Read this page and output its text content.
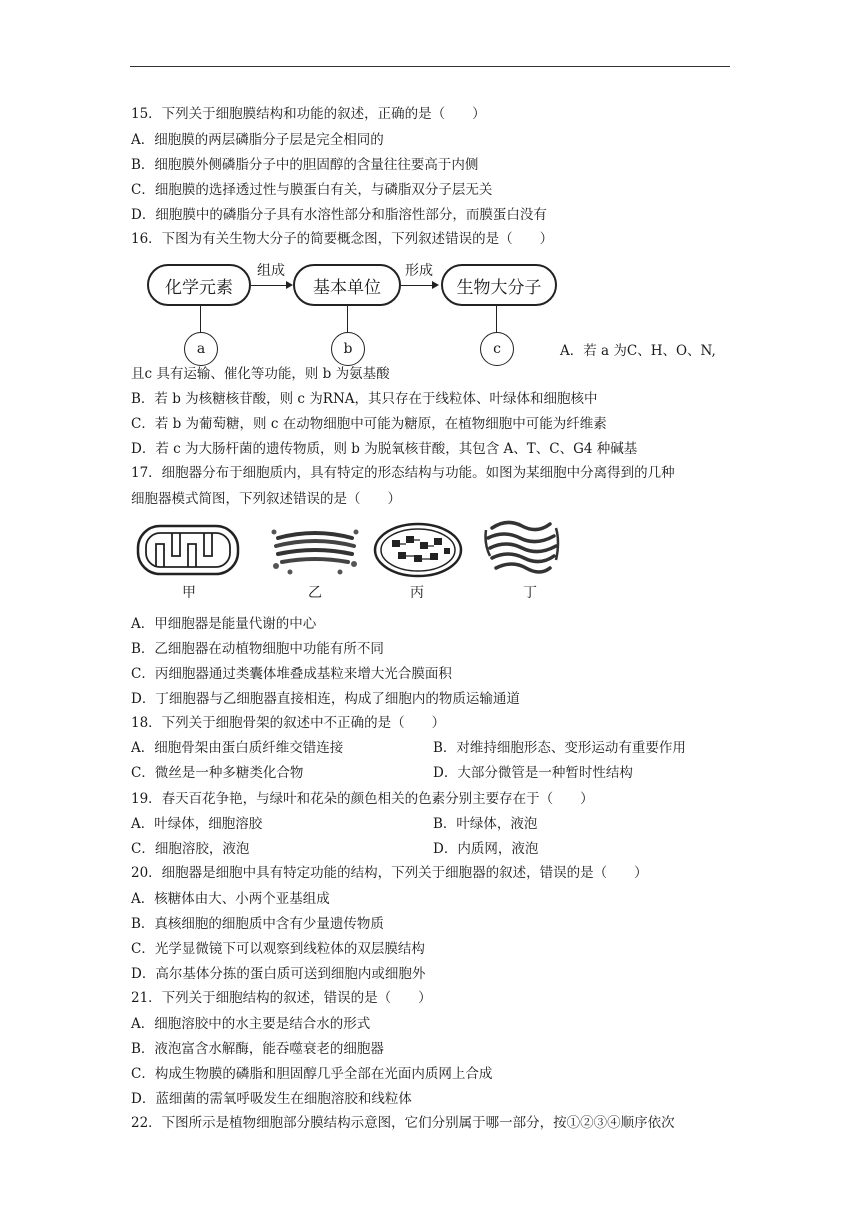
15．下列关于细胞膜结构和功能的叙述，正确的是（　　）
A．细胞膜的两层磷脂分子层是完全相同的
B．细胞膜外侧磷脂分子中的胆固醇的含量往往要高于内侧
C．细胞膜的选择透过性与膜蛋白有关，与磷脂双分子层无关
D．细胞膜中的磷脂分子具有水溶性部分和脂溶性部分，而膜蛋白没有
16．下图为有关生物大分子的简要概念图，下列叙述错误的是（　　）
化学元素
组成
基本单位
形成
生物大分子
a	b	c	A．若 a 为C、H、O、N,
且c 具有运输、催化等功能，则 b 为氨基酸
B．若 b 为核糖核苷酸，则 c 为RNA，其只存在于线粒体、叶绿体和细胞核中
C．若 b 为葡萄糖，则 c 在动物细胞中可能为糖原，在植物细胞中可能为纤维素
D．若 c 为大肠杆菌的遗传物质，则 b 为脱氧核苷酸，其包含 A、T、C、G4 种碱基
17．细胞器分布于细胞质内，具有特定的形态结构与功能。如图为某细胞中分离得到的几种
细胞器模式简图，下列叙述错误的是（　　）
甲	乙	丙	丁
A．甲细胞器是能量代谢的中心
B．乙细胞器在动植物细胞中功能有所不同
C．丙细胞器通过类囊体堆叠成基粒来增大光合膜面积
D．丁细胞器与乙细胞器直接相连，构成了细胞内的物质运输通道
18．下列关于细胞骨架的叙述中不正确的是（　　）
A．细胞骨架由蛋白质纤维交错连接	B．对维持细胞形态、变形运动有重要作用
C．微丝是一种多糖类化合物	D．大部分微管是一种暂时性结构
19．春天百花争艳，与绿叶和花朵的颜色相关的色素分别主要存在于（　　）
A．叶绿体，细胞溶胶	B．叶绿体，液泡
C．细胞溶胶，液泡	D．内质网，液泡
20．细胞器是细胞中具有特定功能的结构，下列关于细胞器的叙述，错误的是（　　）
A．核糖体由大、小两个亚基组成
B．真核细胞的细胞质中含有少量遗传物质
C．光学显微镜下可以观察到线粒体的双层膜结构
D．高尔基体分拣的蛋白质可送到细胞内或细胞外
21．下列关于细胞结构的叙述，错误的是（　　）
A．细胞溶胶中的水主要是结合水的形式
B．液泡富含水解酶，能吞噬衰老的细胞器
C．构成生物膜的磷脂和胆固醇几乎全部在光面内质网上合成
D．蓝细菌的需氧呼吸发生在细胞溶胶和线粒体
22．下图所示是植物细胞部分膜结构示意图，它们分别属于哪一部分，按①②③④顺序依次
